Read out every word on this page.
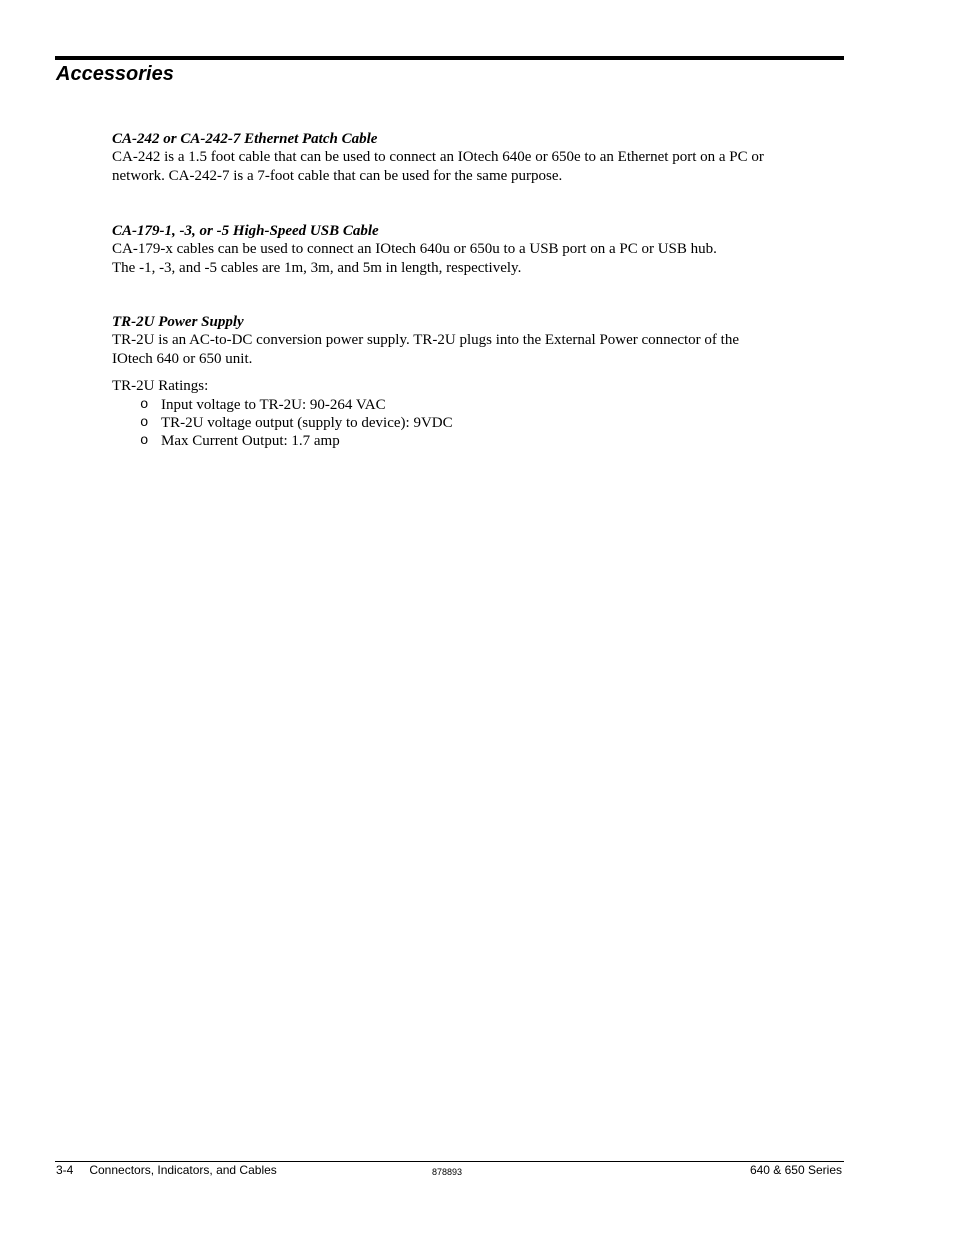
Accessories
CA-242 or CA-242-7 Ethernet Patch Cable

CA-242 is a 1.5 foot cable that can be used to connect an IOtech 640e or 650e to an Ethernet port on a PC or

network. CA-242-7 is a 7-foot cable that can be used for the same purpose.

CA-179-1, -3, or -5 High-Speed USB Cable

CA-179-x cables can be used to connect an IOtech 640u or 650u to a USB port on a PC or USB hub.

The -1, -3, and -5 cables are 1m, 3m, and 5m in length, respectively.

TR-2U Power Supply

TR-2U is an AC-to-DC conversion power supply. TR-2U plugs into the External Power connector of the

IOtech 640 or 650 unit.

TR-2U Ratings:

o Input voltage to TR-2U: 90-264 VAC
o TR-2U voltage output (supply to device): 9VDC
o Max Current Output: 1.7 amp
3-4 Connectors, Indicators, and Cables	878893	640 & 650 Series
